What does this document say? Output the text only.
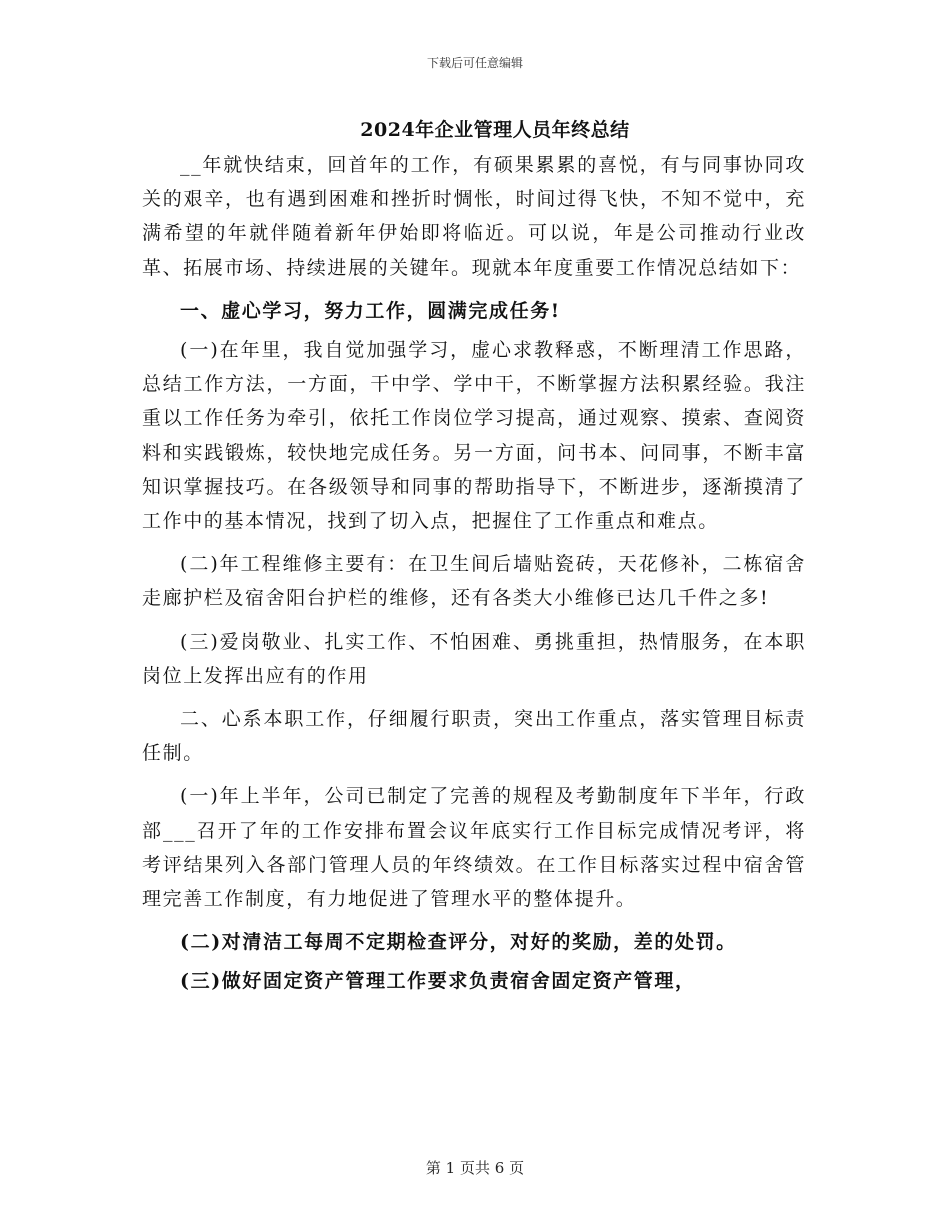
下载后可任意编辑
2024年企业管理人员年终总结

__年就快结束，回首年的工作，有硕果累累的喜悦，有与同事协同攻关的艰辛，也有遇到困难和挫折时惆怅，时间过得飞快，不知不觉中，充满希望的年就伴随着新年伊始即将临近。可以说，年是公司推动行业改革、拓展市场、持续进展的关键年。现就本年度重要工作情况总结如下：

一、虚心学习，努力工作，圆满完成任务!

(一)在年里，我自觉加强学习，虚心求教释惑，不断理清工作思路，总结工作方法，一方面，干中学、学中干，不断掌握方法积累经验。我注重以工作任务为牵引，依托工作岗位学习提高，通过观察、摸索、查阅资料和实践锻炼，较快地完成任务。另一方面，问书本、问同事，不断丰富知识掌握技巧。在各级领导和同事的帮助指导下，不断进步，逐渐摸清了工作中的基本情况，找到了切入点，把握住了工作重点和难点。

(二)年工程维修主要有：在卫生间后墙贴瓷砖，天花修补，二栋宿舍走廊护栏及宿舍阳台护栏的维修，还有各类大小维修已达几千件之多!

(三)爱岗敬业、扎实工作、不怕困难、勇挑重担，热情服务，在本职岗位上发挥出应有的作用

二、心系本职工作，仔细履行职责，突出工作重点，落实管理目标责任制。

(一)年上半年，公司已制定了完善的规程及考勤制度年下半年，行政部___召开了年的工作安排布置会议年底实行工作目标完成情况考评，将考评结果列入各部门管理人员的年终绩效。在工作目标落实过程中宿舍管理完善工作制度，有力地促进了管理水平的整体提升。

(二)对清洁工每周不定期检查评分，对好的奖励，差的处罚。

(三)做好固定资产管理工作要求负责宿舍固定资产管理，

第 1 页共 6 页
